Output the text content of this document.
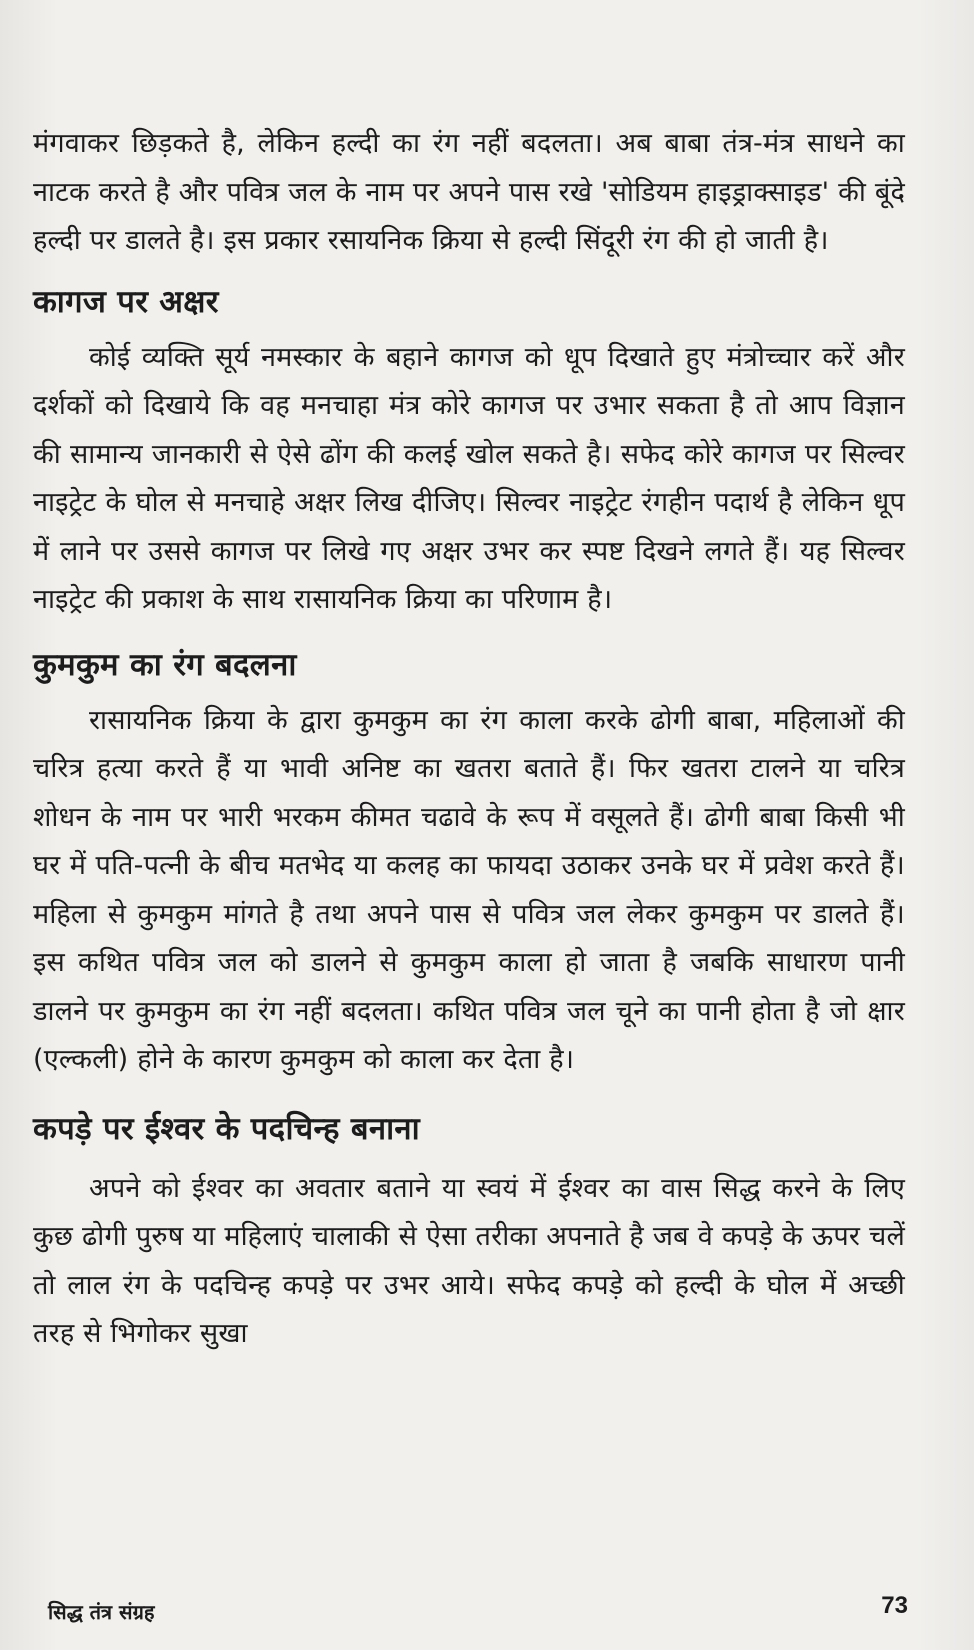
मंगवाकर छिड़कते है, लेकिन हल्दी का रंग नहीं बदलता। अब बाबा तंत्र-मंत्र साधने का नाटक करते है और पवित्र जल के नाम पर अपने पास रखे 'सोडियम हाइड्राक्साइड' की बूंदे हल्दी पर डालते है। इस प्रकार रसायनिक क्रिया से हल्दी सिंदूरी रंग की हो जाती है।

कागज पर अक्षर

कोई व्यक्ति सूर्य नमस्कार के बहाने कागज को धूप दिखाते हुए मंत्रोच्चार करें और दर्शकों को दिखाये कि वह मनचाहा मंत्र कोरे कागज पर उभार सकता है तो आप विज्ञान की सामान्य जानकारी से ऐसे ढोंग की कलई खोल सकते है। सफेद कोरे कागज पर सिल्वर नाइट्रेट के घोल से मनचाहे अक्षर लिख दीजिए। सिल्वर नाइट्रेट रंगहीन पदार्थ है लेकिन धूप में लाने पर उससे कागज पर लिखे गए अक्षर उभर कर स्पष्ट दिखने लगते हैं। यह सिल्वर नाइट्रेट की प्रकाश के साथ रासायनिक क्रिया का परिणाम है।

कुमकुम का रंग बदलना

रासायनिक क्रिया के द्वारा कुमकुम का रंग काला करके ढोगी बाबा, महिलाओं की चरित्र हत्या करते हैं या भावी अनिष्ट का खतरा बताते हैं। फिर खतरा टालने या चरित्र शोधन के नाम पर भारी भरकम कीमत चढावे के रूप में वसूलते हैं। ढोगी बाबा किसी भी घर में पति-पत्नी के बीच मतभेद या कलह का फायदा उठाकर उनके घर में प्रवेश करते हैं। महिला से कुमकुम मांगते है तथा अपने पास से पवित्र जल लेकर कुमकुम पर डालते हैं। इस कथित पवित्र जल को डालने से कुमकुम काला हो जाता है जबकि साधारण पानी डालने पर कुमकुम का रंग नहीं बदलता। कथित पवित्र जल चूने का पानी होता है जो क्षार (एल्कली) होने के कारण कुमकुम को काला कर देता है।

कपड़े पर ईश्वर के पदचिन्ह बनाना

अपने को ईश्वर का अवतार बताने या स्वयं में ईश्वर का वास सिद्ध करने के लिए कुछ ढोगी पुरुष या महिलाएं चालाकी से ऐसा तरीका अपनाते है जब वे कपड़े के ऊपर चलें तो लाल रंग के पदचिन्ह कपड़े पर उभर आये। सफेद कपड़े को हल्दी के घोल में अच्छी तरह से भिगोकर सुखा

सिद्ध तंत्र संग्रह	73
